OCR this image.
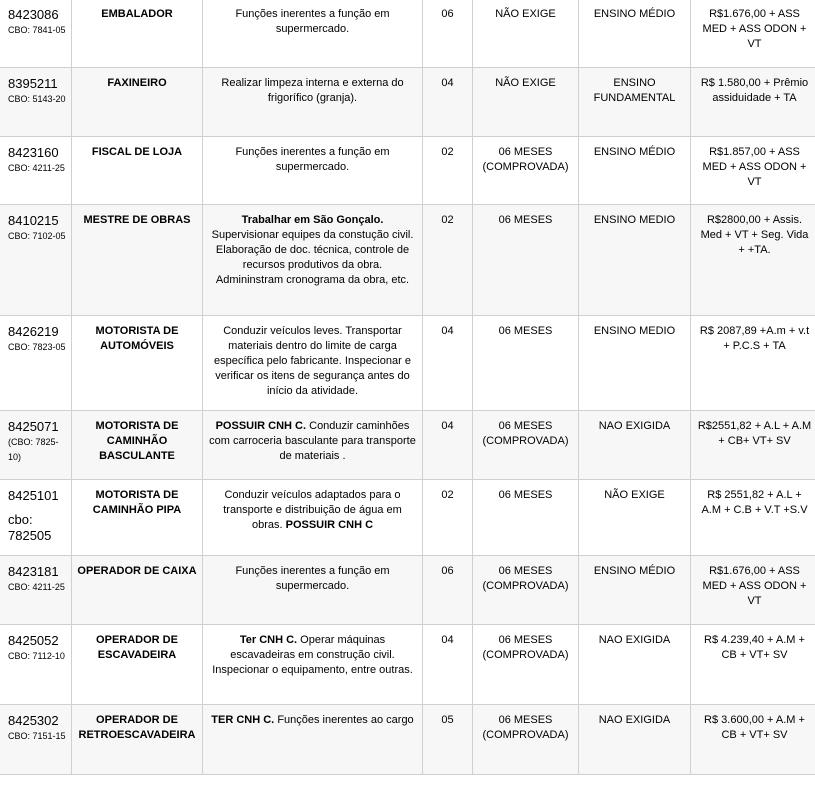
8423086
CBO: 7841-05	EMBALADOR	Funções inerentes a função em supermercado.	06	NÃO EXIGE	ENSINO MÉDIO	R$1.676,00 + ASS MED + ASS ODON + VT

8395211
CBO: 5143-20	FAXINEIRO	Realizar limpeza interna e externa do frigorífico (granja).	04	NÃO EXIGE	ENSINO FUNDAMENTAL	R$ 1.580,00 + Prêmio assiduidade + TA

8423160
CBO: 4211-25	FISCAL DE LOJA	Funções inerentes a função em supermercado.	02	06 MESES (COMPROVADA)	ENSINO MÉDIO	R$1.857,00 + ASS MED + ASS ODON + VT

8410215
CBO: 7102-05	MESTRE DE OBRAS	Trabalhar em São Gonçalo. Supervisionar equipes da constução civil. Elaboração de doc. técnica, controle de recursos produtivos da obra. Admininstram cronograma da obra, etc.	02	06 MESES	ENSINO MEDIO	R$2800,00 + Assis. Med + VT + Seg. Vida + +TA.

8426219
CBO: 7823-05	MOTORISTA DE AUTOMÓVEIS	Conduzir veículos leves. Transportar materiais dentro do limite de carga específica pelo fabricante. Inspecionar e verificar os itens de segurança antes do início da atividade.	04	06 MESES	ENSINO MEDIO	R$ 2087,89 +A.m + v.t + P.C.S + TA

8425071
(CBO: 7825-10)	MOTORISTA DE CAMINHÃO BASCULANTE	POSSUIR CNH C. Conduzir caminhões com carroceria basculante para transporte de materiais .	04	06 MESES (COMPROVADA)	NAO EXIGIDA	R$2551,82 + A.L + A.M + CB+ VT+ SV

8425101
cbo: 782505	MOTORISTA DE CAMINHÃO PIPA	Conduzir veículos adaptados para o transporte e distribuição de água em obras. POSSUIR CNH C	02	06 MESES	NÃO EXIGE	R$ 2551,82 + A.L + A.M + C.B + V.T +S.V

8423181
CBO: 4211-25	OPERADOR DE CAIXA	Funções inerentes a função em supermercado.	06	06 MESES (COMPROVADA)	ENSINO MÉDIO	R$1.676,00 + ASS MED + ASS ODON + VT

8425052
CBO: 7112-10	OPERADOR DE ESCAVADEIRA	Ter CNH C. Operar máquinas escavadeiras em construção civil. Inspecionar o equipamento, entre outras.	04	06 MESES (COMPROVADA)	NAO EXIGIDA	R$ 4.239,40 + A.M + CB + VT+ SV

8425302
CBO: 7151-15	OPERADOR DE RETROESCAVADEIRA	TER CNH C. Funções inerentes ao cargo	05	06 MESES (COMPROVADA)	NAO EXIGIDA	R$ 3.600,00 + A.M + CB + VT+ SV
